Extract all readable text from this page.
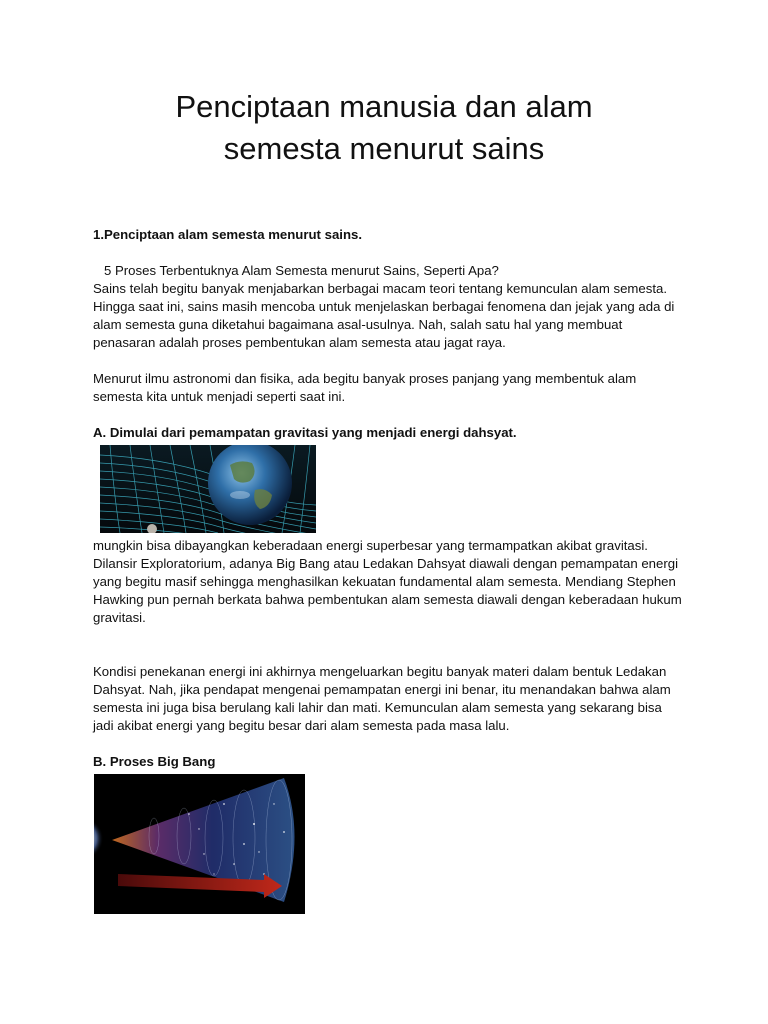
Penciptaan manusia dan alam
semesta menurut sains

1.Penciptaan alam semesta menurut sains.

5 Proses Terbentuknya Alam Semesta menurut Sains, Seperti Apa?

Sains telah begitu banyak menjabarkan berbagai macam teori tentang kemunculan alam semesta. Hingga saat ini, sains masih mencoba untuk menjelaskan berbagai fenomena dan jejak yang ada di alam semesta guna diketahui bagaimana asal-usulnya. Nah, salah satu hal yang membuat penasaran adalah proses pembentukan alam semesta atau jagat raya.

Menurut ilmu astronomi dan fisika, ada begitu banyak proses panjang yang membentuk alam semesta kita untuk menjadi seperti saat ini.

A. Dimulai dari pemampatan gravitasi yang menjadi energi dahsyat.

mungkin bisa dibayangkan keberadaan energi superbesar yang termampatkan akibat gravitasi. Dilansir Exploratorium, adanya Big Bang atau Ledakan Dahsyat diawali dengan pemampatan energi yang begitu masif sehingga menghasilkan kekuatan fundamental alam semesta. Mendiang Stephen Hawking pun pernah berkata bahwa pembentukan alam semesta diawali dengan keberadaan hukum gravitasi.

Kondisi penekanan energi ini akhirnya mengeluarkan begitu banyak materi dalam bentuk Ledakan Dahsyat. Nah, jika pendapat mengenai pemampatan energi ini benar, itu menandakan bahwa alam semesta ini juga bisa berulang kali lahir dan mati. Kemunculan alam semesta yang sekarang bisa jadi akibat energi yang begitu besar dari alam semesta pada masa lalu.

B. Proses Big Bang
